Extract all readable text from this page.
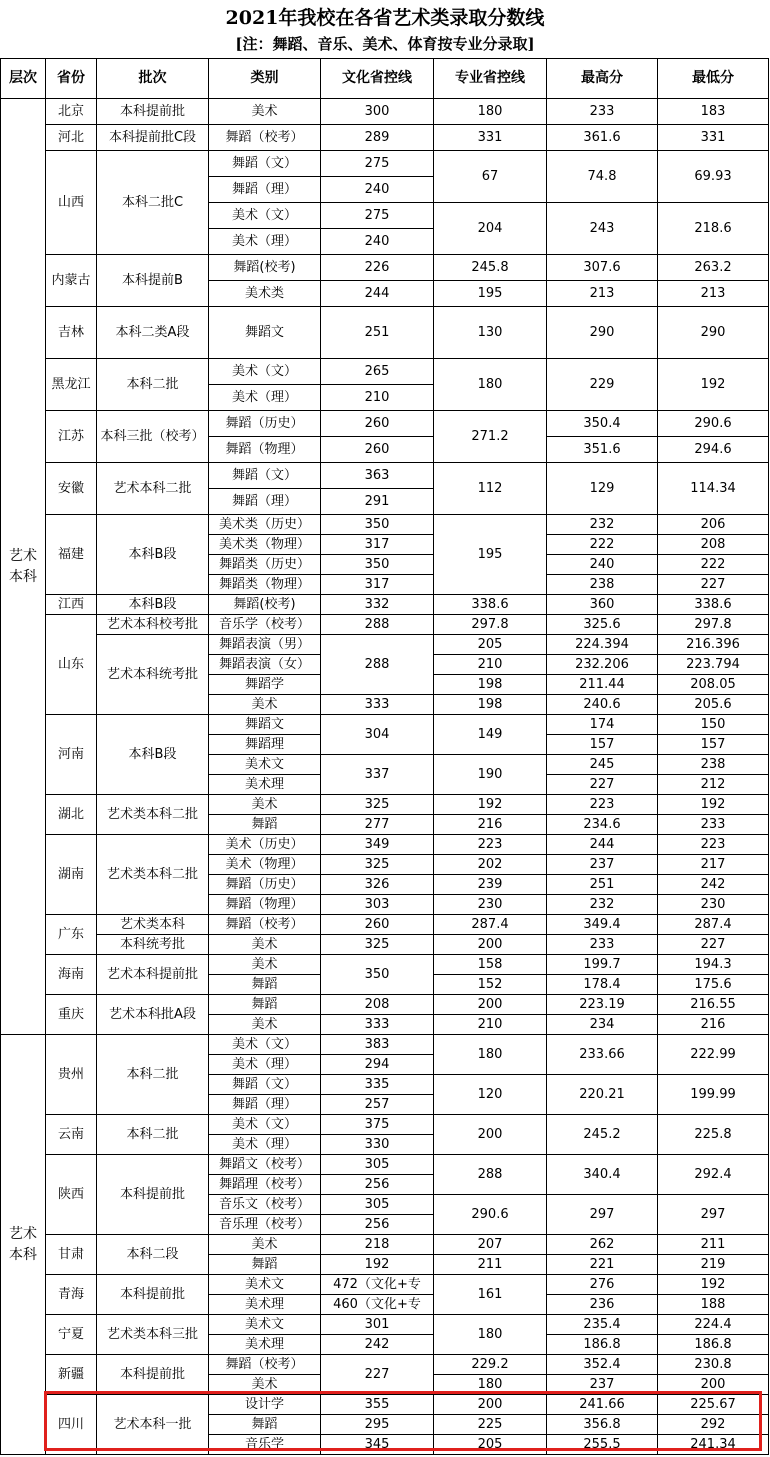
2021年我校在各省艺术类录取分数线
[注：舞蹈、音乐、美术、体育按专业分录取]
层次	省份	批次	类别	文化省控线	专业省控线	最高分	最低分
艺术本科	北京	本科提前批	美术	300	180	233	183
	河北	本科提前批C段	舞蹈（校考）	289	331	361.6	331
	山西	本科二批C	舞蹈（文）	275	67	74.8	69.93
			舞蹈（理）	240			
			美术（文）	275	204	243	218.6
			美术（理）	240			
	内蒙古	本科提前B	舞蹈(校考)	226	245.8	307.6	263.2
			美术类	244	195	213	213
	吉林	本科二类A段	舞蹈文	251	130	290	290
	黑龙江	本科二批	美术（文）	265	180	229	192
			美术（理）	210			
	江苏	本科三批（校考）	舞蹈（历史）	260	271.2	350.4	290.6
			舞蹈（物理）	260		351.6	294.6
	安徽	艺术本科二批	舞蹈（文）	363	112	129	114.34
			舞蹈（理）	291			
	福建	本科B段	美术类（历史）	350	195	232	206
			美术类（物理）	317		222	208
			舞蹈类（历史）	350		240	222
			舞蹈类（物理）	317		238	227
	江西	本科B段	舞蹈(校考)	332	338.6	360	338.6
	山东	艺术本科校考批	音乐学（校考）	288	297.8	325.6	297.8
		艺术本科统考批	舞蹈表演（男）	288	205	224.394	216.396
			舞蹈表演（女）		210	232.206	223.794
			舞蹈学		198	211.44	208.05
			美术	333	198	240.6	205.6
	河南	本科B段	舞蹈文	304	149	174	150
			舞蹈理			157	157
			美术文	337	190	245	238
			美术理			227	212
	湖北	艺术类本科二批	美术	325	192	223	192
			舞蹈	277	216	234.6	233
	湖南	艺术类本科二批	美术（历史）	349	223	244	223
			美术（物理）	325	202	237	217
			舞蹈（历史）	326	239	251	242
			舞蹈（物理）	303	230	232	230
	广东	艺术类本科	舞蹈（校考）	260	287.4	349.4	287.4
		本科统考批	美术	325	200	233	227
	海南	艺术本科提前批	美术	350	158	199.7	194.3
			舞蹈		152	178.4	175.6
	重庆	艺术本科批A段	舞蹈	208	200	223.19	216.55
			美术	333	210	234	216
艺术本科	贵州	本科二批	美术（文）	383	180	233.66	222.99
			美术（理）	294			
			舞蹈（文）	335	120	220.21	199.99
			舞蹈（理）	257			
	云南	本科二批	美术（文）	375	200	245.2	225.8
			美术（理）	330			
	陕西	本科提前批	舞蹈文（校考）	305	288	340.4	292.4
			舞蹈理（校考）	256			
			音乐文（校考）	305	290.6	297	297
			音乐理（校考）	256			
	甘肃	本科二段	美术	218	207	262	211
			舞蹈	192	211	221	219
	青海	本科提前批	美术文	472（文化+专	161	276	192
			美术理	460（文化+专		236	188
	宁夏	艺术类本科三批	美术文	301	180	235.4	224.4
			美术理	242		186.8	186.8
	新疆	本科提前批	舞蹈（校考）	227	229.2	352.4	230.8
			美术		180	237	200
	四川	艺术本科一批	设计学	355	200	241.66	225.67
			舞蹈	295	225	356.8	292
			音乐学	345	205	255.5	241.34
